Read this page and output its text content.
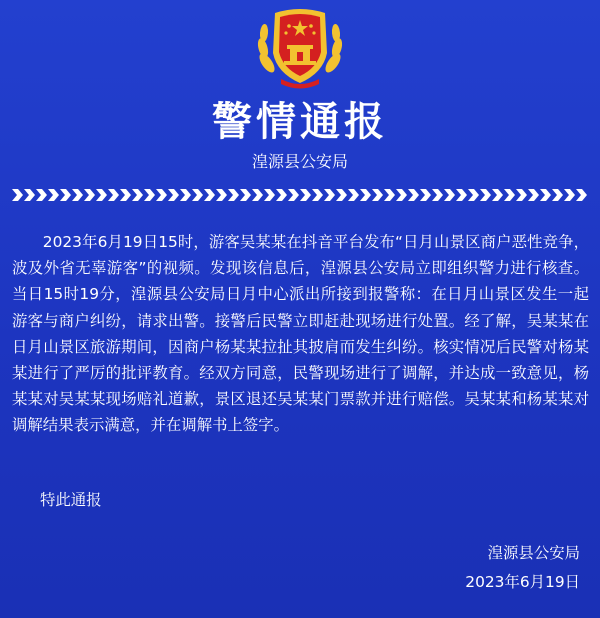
警情通报
湟源县公安局

2023年6月19日15时，游客吴某某在抖音平台发布“日月山景区商户恶性竞争，波及外省无辜游客”的视频。发现该信息后，湟源县公安局立即组织警力进行核查。当日15时19分，湟源县公安局日月中心派出所接到报警称：在日月山景区发生一起游客与商户纠纷，请求出警。接警后民警立即赶赴现场进行处置。经了解，吴某某在日月山景区旅游期间，因商户杨某某拉扯其披肩而发生纠纷。核实情况后民警对杨某某进行了严厉的批评教育。经双方同意，民警现场进行了调解，并达成一致意见，杨某某对吴某某现场赔礼道歉，景区退还吴某某门票款并进行赔偿。吴某某和杨某某对调解结果表示满意，并在调解书上签字。

特此通报
湟源县公安局
2023年6月19日
